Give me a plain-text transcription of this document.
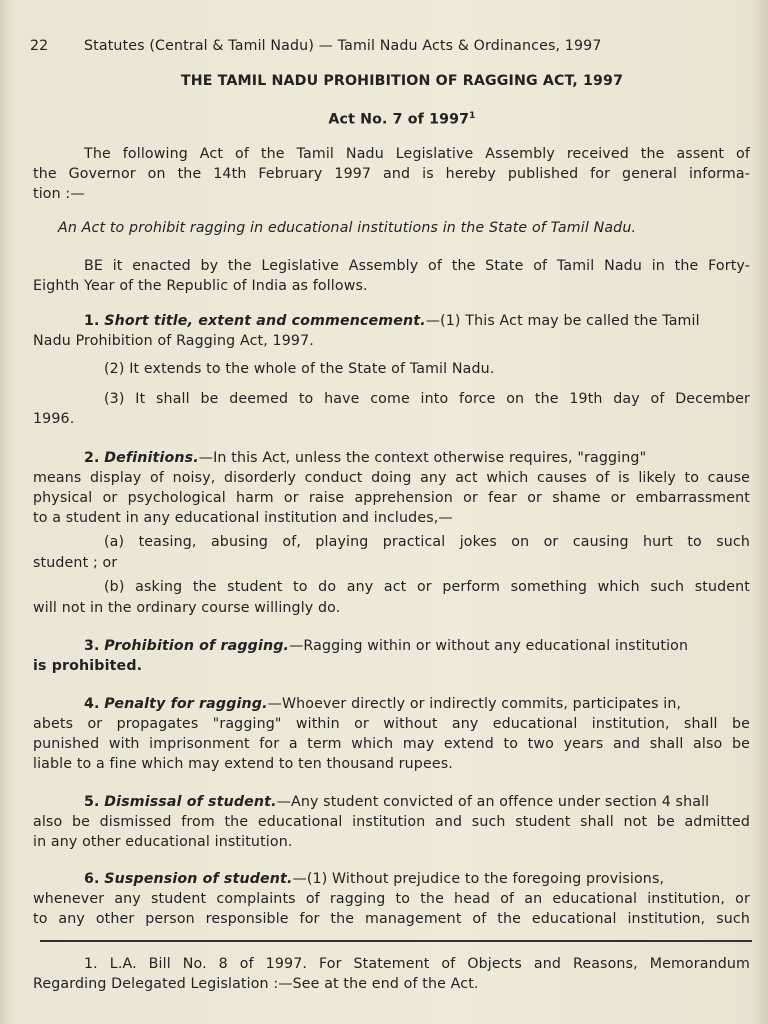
22	Statutes (Central & Tamil Nadu) — Tamil Nadu Acts & Ordinances, 1997
THE TAMIL NADU PROHIBITION OF RAGGING ACT, 1997
Act No. 7 of 1997$^1$
The following Act of the Tamil Nadu Legislative Assembly received the assent of
the Governor on the 14th February 1997 and is hereby published for general informa-
tion :—
An Act to prohibit ragging in educational institutions in the State of Tamil Nadu.
BE it enacted by the Legislative Assembly of the State of Tamil Nadu in the Forty-
Eighth Year of the Republic of India as follows.
1. Short title, extent and commencement.—(1) This Act may be called the Tamil
Nadu Prohibition of Ragging Act, 1997.
(2) It extends to the whole of the State of Tamil Nadu.
(3) It shall be deemed to have come into force on the 19th day of December
1996.
2. Definitions.—In this Act, unless the context otherwise requires, "ragging"
means display of noisy, disorderly conduct doing any act which causes of is likely to cause
physical or psychological harm or raise apprehension or fear or shame or embarrassment
to a student in any educational institution and includes,—
(a) teasing, abusing of, playing practical jokes on or causing hurt to such
student ; or
(b) asking the student to do any act or perform something which such student
will not in the ordinary course willingly do.
3. Prohibition of ragging.—Ragging within or without any educational institution
is prohibited.
4. Penalty for ragging.—Whoever directly or indirectly commits, participates in,
abets or propagates "ragging" within or without any educational institution, shall be
punished with imprisonment for a term which may extend to two years and shall also be
liable to a fine which may extend to ten thousand rupees.
5. Dismissal of student.—Any student convicted of an offence under section 4 shall
also be dismissed from the educational institution and such student shall not be admitted
in any other educational institution.
6. Suspension of student.—(1) Without prejudice to the foregoing provisions,
whenever any student complaints of ragging to the head of an educational institution, or
to any other person responsible for the management of the educational institution, such
1. L.A. Bill No. 8 of 1997. For Statement of Objects and Reasons, Memorandum
Regarding Delegated Legislation :—See at the end of the Act.
